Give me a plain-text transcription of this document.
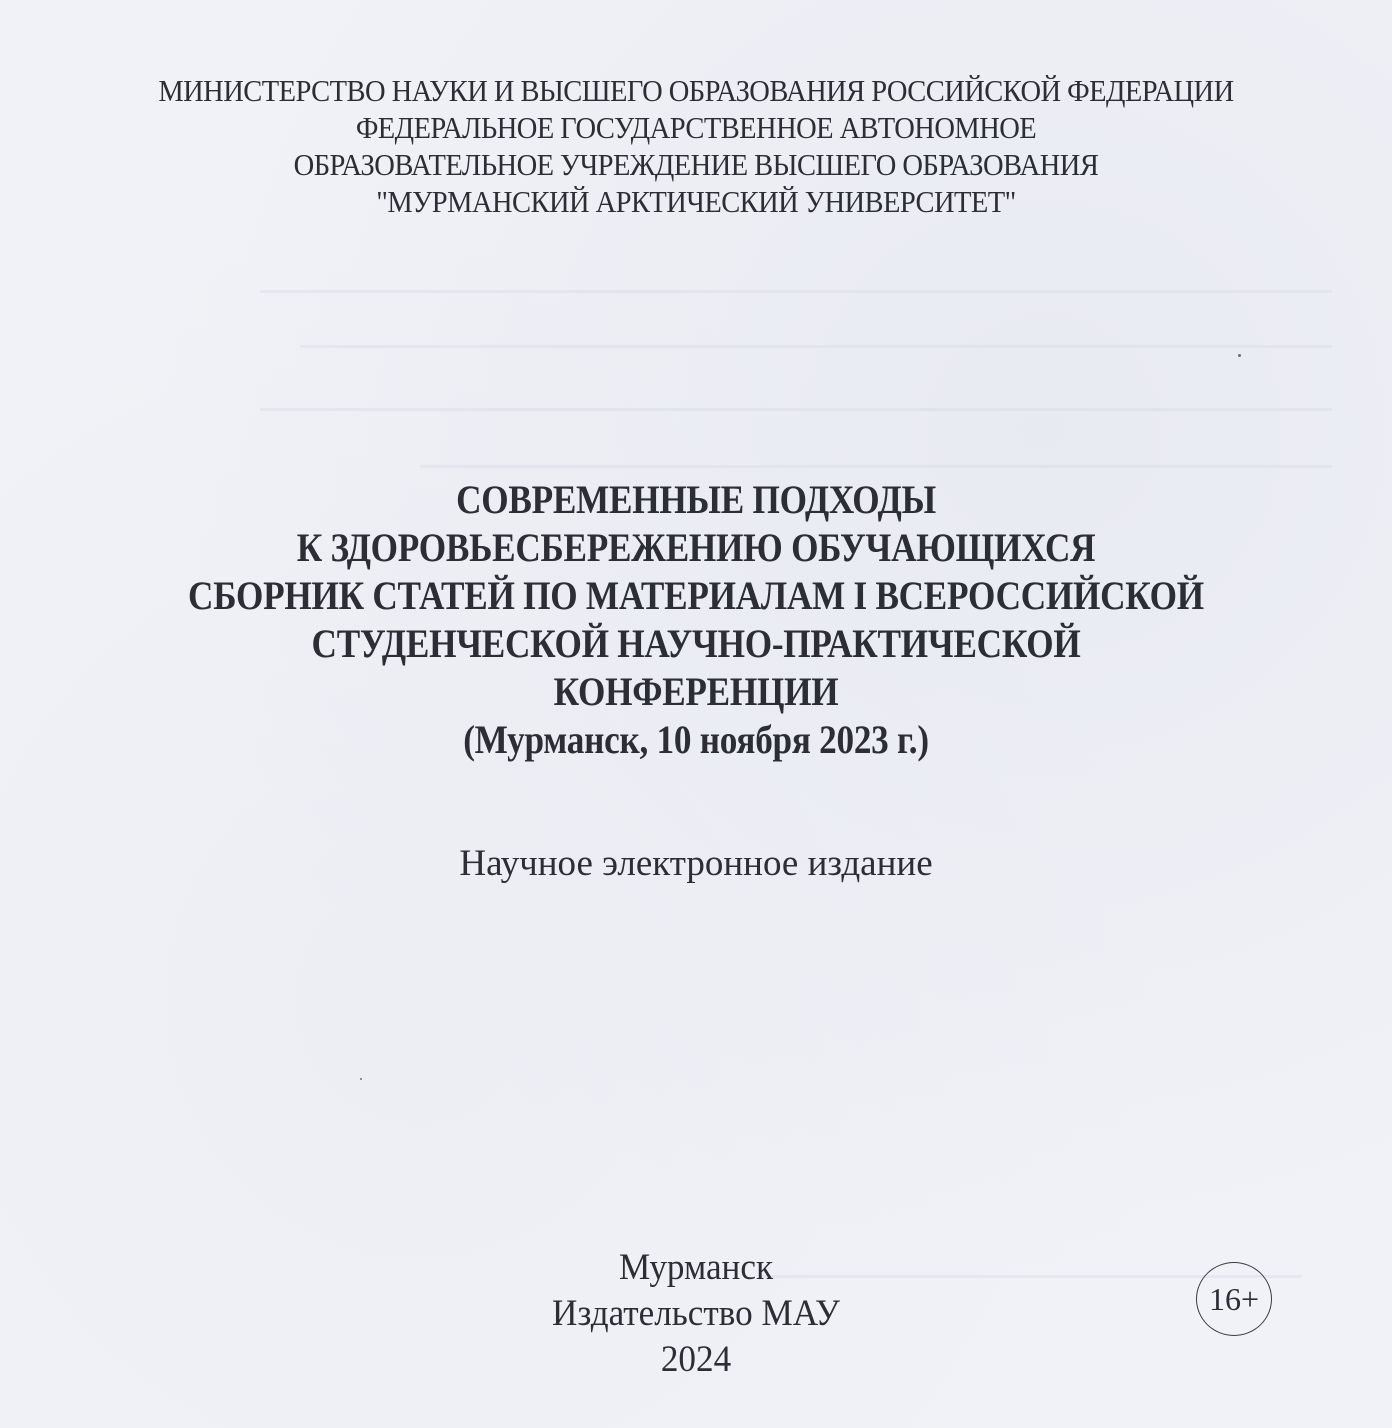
МИНИСТЕРСТВО НАУКИ И ВЫСШЕГО ОБРАЗОВАНИЯ РОССИЙСКОЙ ФЕДЕРАЦИИ
ФЕДЕРАЛЬНОЕ ГОСУДАРСТВЕННОЕ АВТОНОМНОЕ
ОБРАЗОВАТЕЛЬНОЕ УЧРЕЖДЕНИЕ ВЫСШЕГО ОБРАЗОВАНИЯ
"МУРМАНСКИЙ АРКТИЧЕСКИЙ УНИВЕРСИТЕТ"
СОВРЕМЕННЫЕ ПОДХОДЫ
К ЗДОРОВЬЕСБЕРЕЖЕНИЮ ОБУЧАЮЩИХСЯ
СБОРНИК СТАТЕЙ ПО МАТЕРИАЛАМ I ВСЕРОССИЙСКОЙ
СТУДЕНЧЕСКОЙ НАУЧНО-ПРАКТИЧЕСКОЙ
КОНФЕРЕНЦИИ
(Мурманск, 10 ноября 2023 г.)
Научное электронное издание
Мурманск
Издательство МАУ
2024
16+
